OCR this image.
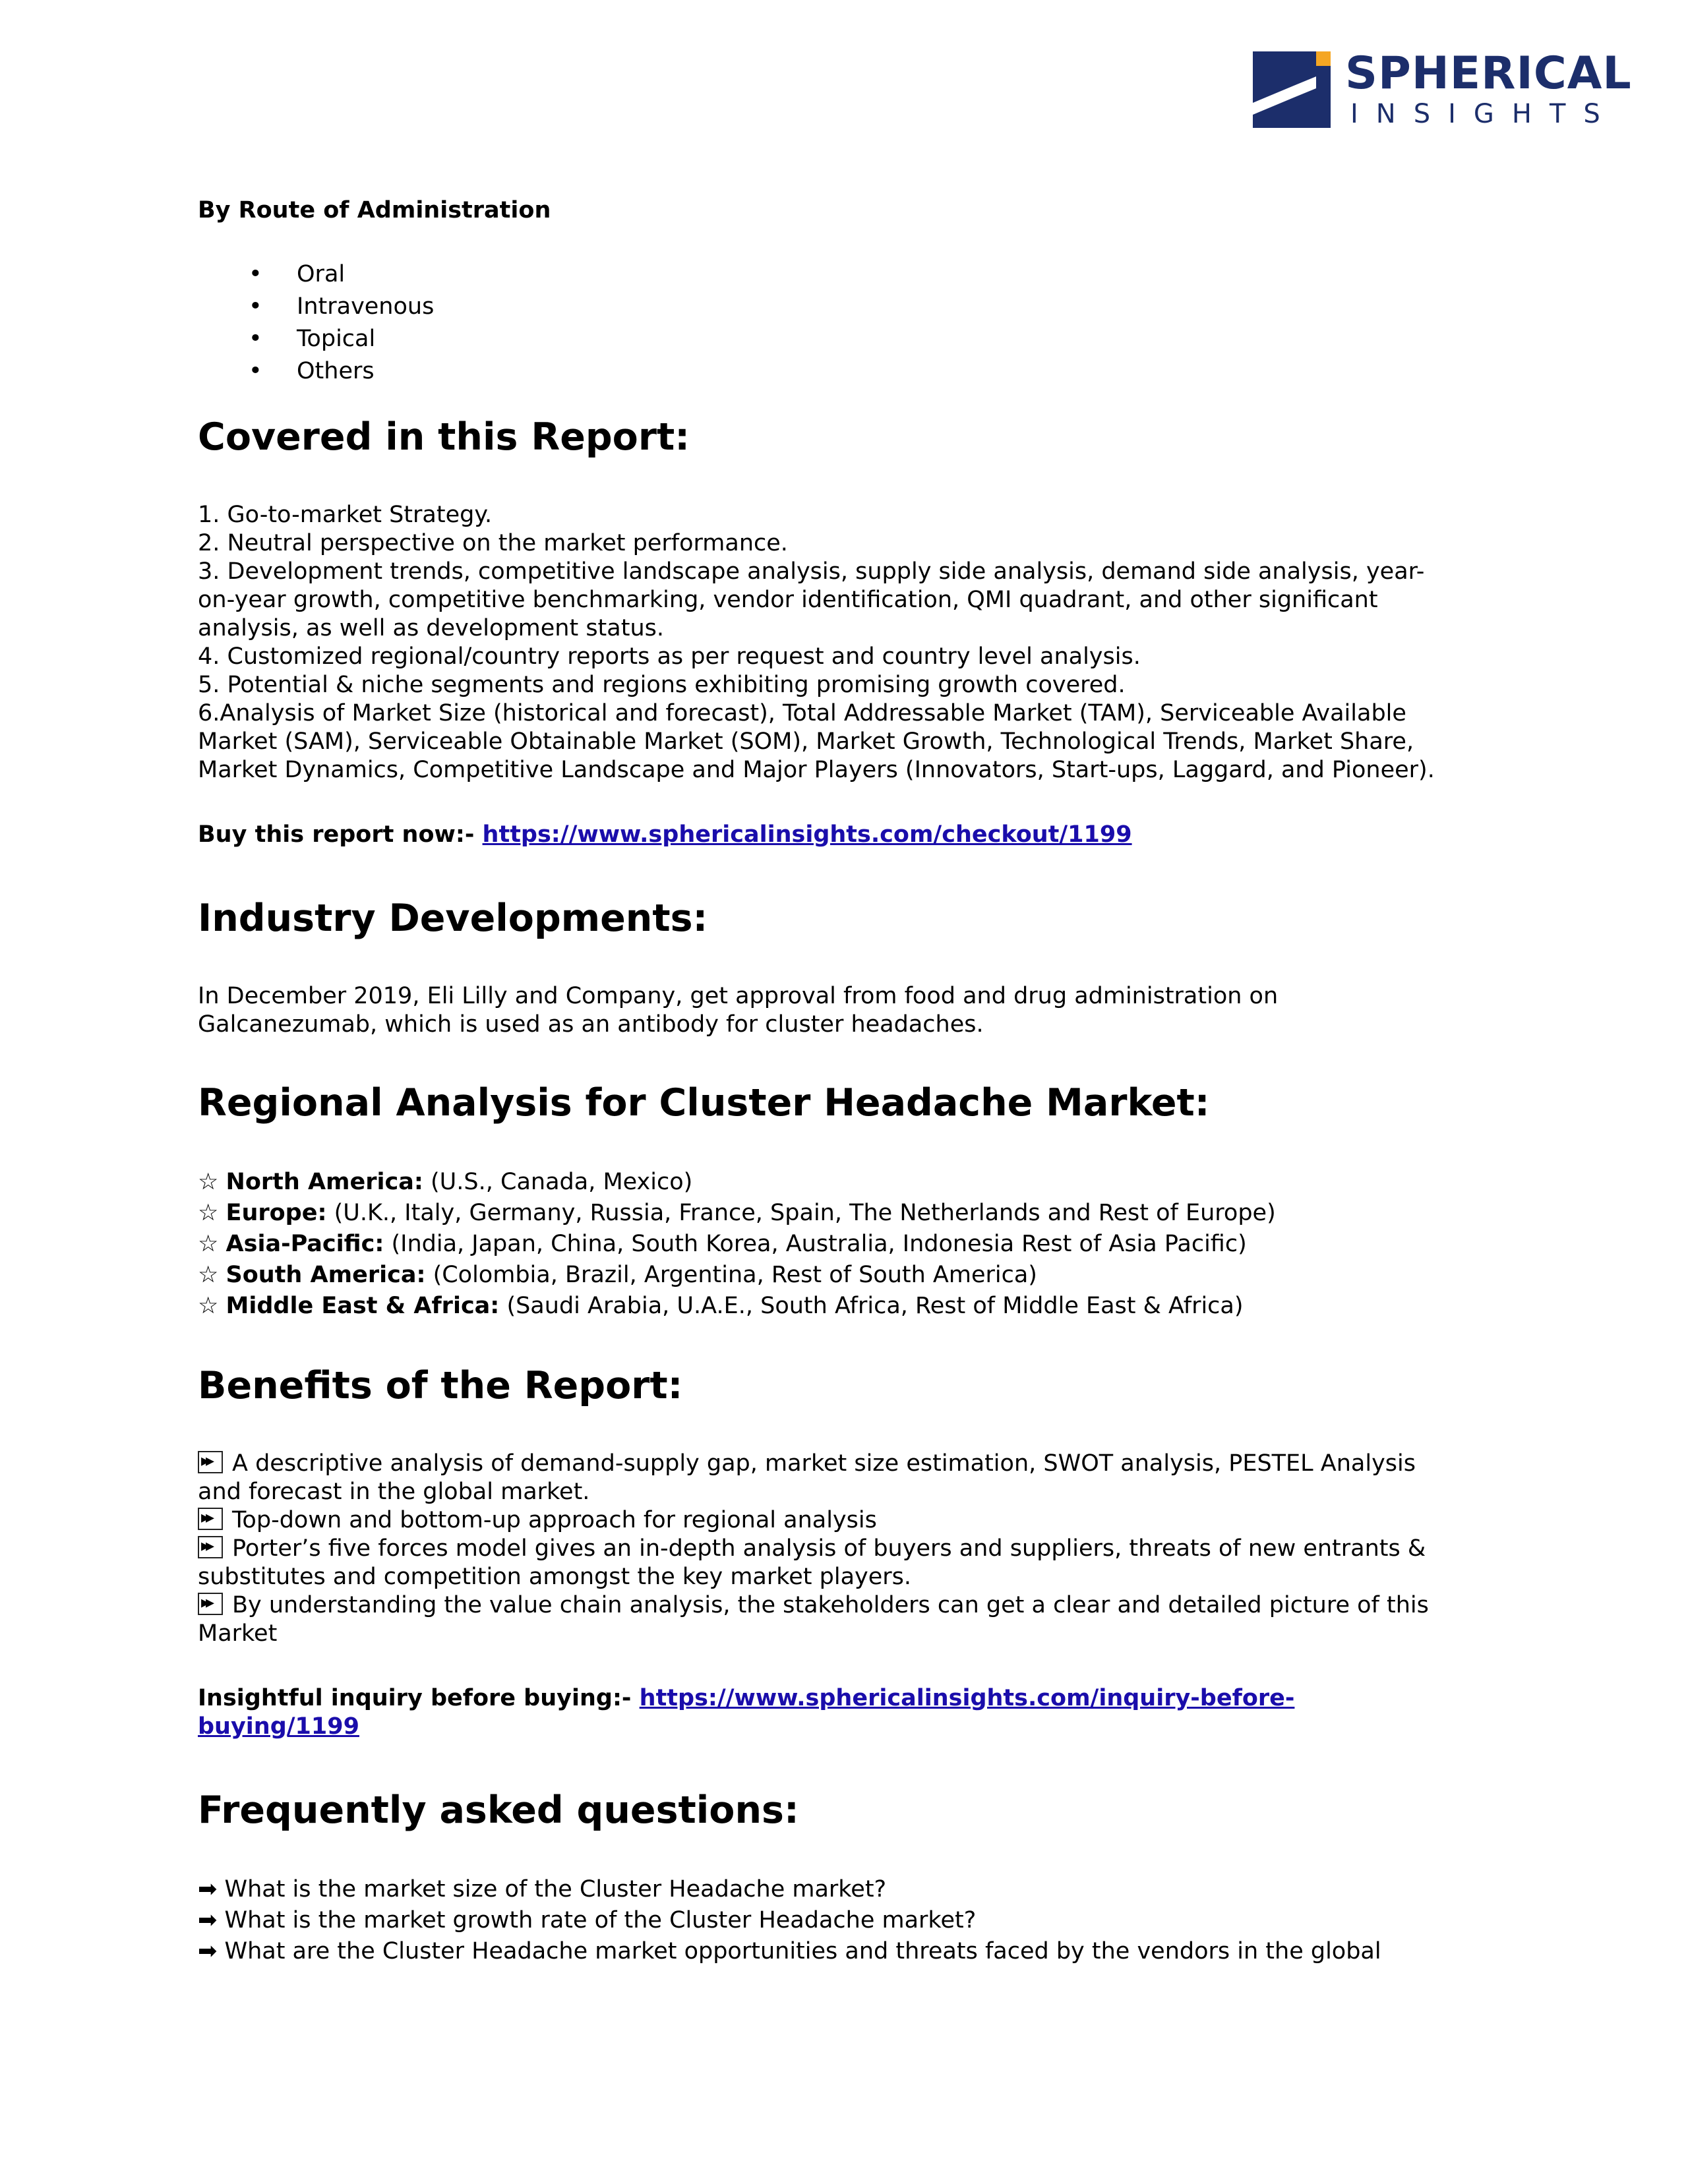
SPHERICAL
INSIGHTS
By Route of Administration
• Oral
• Intravenous
• Topical
• Others
Covered in this Report:

1. Go-to-market Strategy.

2. Neutral perspective on the market performance.

3. Development trends, competitive landscape analysis, supply side analysis, demand side analysis, year-

on-year growth, competitive benchmarking, vendor identification, QMI quadrant, and other significant

analysis, as well as development status.

4. Customized regional/country reports as per request and country level analysis.

5. Potential & niche segments and regions exhibiting promising growth covered.

6.Analysis of Market Size (historical and forecast), Total Addressable Market (TAM), Serviceable Available

Market (SAM), Serviceable Obtainable Market (SOM), Market Growth, Technological Trends, Market Share,

Market Dynamics, Competitive Landscape and Major Players (Innovators, Start-ups, Laggard, and Pioneer).

Buy this report now:- https://www.sphericalinsights.com/checkout/1199
Industry Developments:

In December 2019, Eli Lilly and Company, get approval from food and drug administration on

Galcanezumab, which is used as an antibody for cluster headaches.

Regional Analysis for Cluster Headache Market:
☆ North America: (U.S., Canada, Mexico)
☆ Europe: (U.K., Italy, Germany, Russia, France, Spain, The Netherlands and Rest of Europe)
☆ Asia-Pacific: (India, Japan, China, South Korea, Australia, Indonesia Rest of Asia Pacific)
☆ South America: (Colombia, Brazil, Argentina, Rest of South America)
☆ Middle East & Africa: (Saudi Arabia, U.A.E., South Africa, Rest of Middle East & Africa)
Benefits of the Report:

▸▸ A descriptive analysis of demand-supply gap, market size estimation, SWOT analysis, PESTEL Analysis
and forecast in the global market.

▸▸ Top-down and bottom-up approach for regional analysis

▸▸ Porter’s five forces model gives an in-depth analysis of buyers and suppliers, threats of new entrants &
substitutes and competition amongst the key market players.

▸▸ By understanding the value chain analysis, the stakeholders can get a clear and detailed picture of this
Market

Insightful inquiry before buying:- https://www.sphericalinsights.com/inquiry-before-
buying/1199
Frequently asked questions:
➡ What is the market size of the Cluster Headache market?
➡ What is the market growth rate of the Cluster Headache market?
➡ What are the Cluster Headache market opportunities and threats faced by the vendors in the global
